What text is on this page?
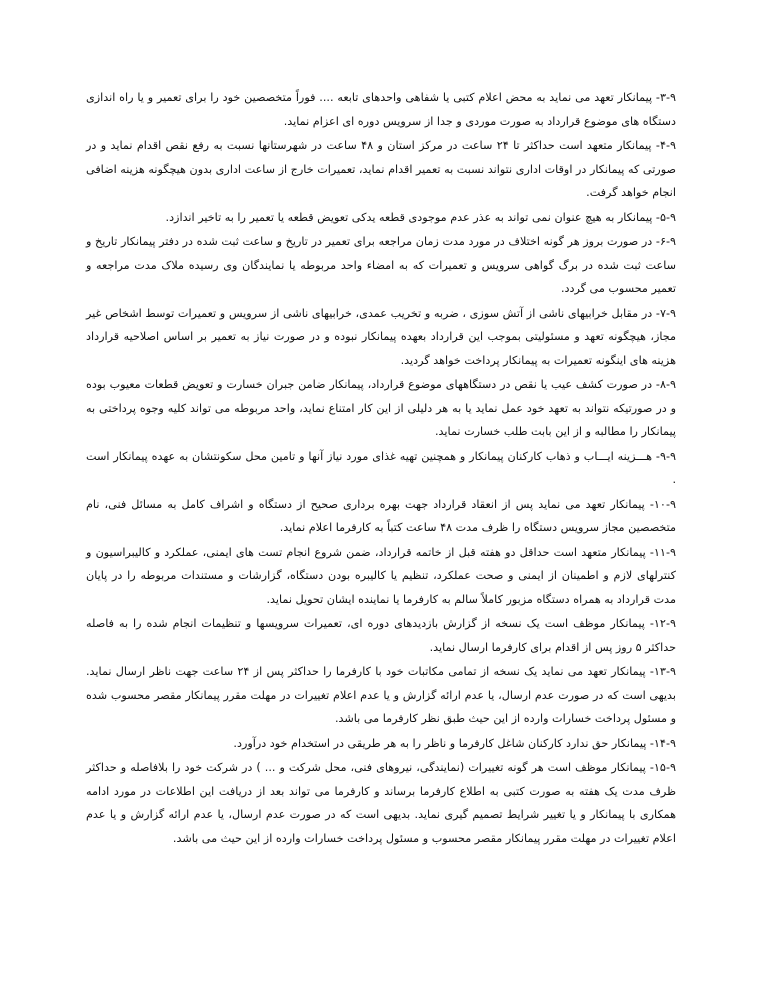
۳-۹- پیمانکار تعهد می نماید به محض اعلام کتبی یا شفاهی واحدهای تابعه .... فوراً متخصصین خود را برای تعمیر و یا راه اندازی دستگاه های موضوع قرارداد به صورت موردی و جدا از سرویس دوره ای اعزام نماید.

۴-۹- پیمانکار متعهد است حداکثر تا ۲۴ ساعت در مرکز استان و ۴۸ ساعت در شهرستانها نسبت به رفع نقص اقدام نماید و در صورتی که پیمانکار در اوقات اداری نتواند نسبت به تعمیر اقدام نماید، تعمیرات خارج از ساعت اداری بدون هیچگونه هزینه اضافی انجام خواهد گرفت.

۵-۹- پیمانکار به هیچ عنوان نمی تواند به عذر عدم موجودی قطعه یدکی تعویض قطعه یا تعمیر را به تاخیر اندازد.

۶-۹- در صورت بروز هر گونه اختلاف در مورد مدت زمان مراجعه برای تعمیر در تاریخ و ساعت ثبت شده در دفتر پیمانکار تاریخ و ساعت ثبت شده در برگ گواهی سرویس و تعمیرات که به امضاء واحد مربوطه یا نمایندگان وی رسیده ملاک مدت مراجعه و تعمیر محسوب می گردد.

۷-۹- در مقابل خرابیهای ناشی از آتش سوزی ، ضربه و تخریب عمدی، خرابیهای ناشی از سرویس و تعمیرات توسط اشخاص غیر مجاز، هیچگونه تعهد و مسئولیتی بموجب این قرارداد بعهده پیمانکار نبوده و در صورت نیاز به تعمیر بر اساس اصلاحیه قرارداد هزینه های اینگونه تعمیرات به پیمانکار پرداخت خواهد گردید.

۸-۹- در صورت کشف عیب یا نقص در دستگاههای موضوع قرارداد، پیمانکار ضامن جبران خسارت و تعویض قطعات معیوب بوده و در صورتیکه نتواند به تعهد خود عمل نماید یا به هر دلیلی از این کار امتناع نماید، واحد مربوطه می تواند کلیه وجوه پرداختی به پیمانکار را مطالبه و از این بابت طلب خسارت نماید.

۹-۹- هـــزینه ایـــاب و ذهاب کارکنان پیمانکار و همچنین تهیه غذای مورد نیاز آنها و تامین محل سکونتشان به عهده پیمانکار است .

۱۰-۹- پیمانکار تعهد می نماید پس از انعقاد قرارداد جهت بهره برداری صحیح از دستگاه و اشراف کامل به مسائل فنی، نام متخصصین مجاز سرویس دستگاه را ظرف مدت ۴۸ ساعت کتباً به کارفرما اعلام نماید.

۱۱-۹- پیمانکار متعهد است حداقل دو هفته قبل از خاتمه قرارداد، ضمن شروع انجام تست های ایمنی، عملکرد و کالیبراسیون و کنترلهای لازم و اطمینان از ایمنی و صحت عملکرد، تنظیم یا کالیبره بودن دستگاه، گزارشات و مستندات مربوطه را در پایان مدت قرارداد به همراه دستگاه مزبور کاملاً سالم به کارفرما یا نماینده ایشان تحویل نماید.

۱۲-۹- پیمانکار موظف است یک نسخه از گزارش بازدیدهای دوره ای، تعمیرات سرویسها و تنظیمات انجام شده را به فاصله حداکثر ۵ روز پس از اقدام برای کارفرما ارسال نماید.

۱۳-۹- پیمانکار تعهد می نماید یک نسخه از تمامی مکاتبات خود با کارفرما را حداکثر پس از ۲۴ ساعت جهت ناظر ارسال نماید. بدیهی است که در صورت عدم ارسال، یا عدم ارائه گزارش و یا عدم اعلام تغییرات در مهلت مقرر پیمانکار مقصر محسوب شده و مسئول پرداخت خسارات وارده از این حیث طبق نظر کارفرما می باشد.

۱۴-۹- پیمانکار حق ندارد کارکنان شاغل کارفرما و ناظر را به هر طریقی در استخدام خود درآورد.

۱۵-۹- پیمانکار موظف است هر گونه تغییرات (نمایندگی، نیروهای فنی، محل شرکت و ... ) در شرکت خود را بلافاصله و حداکثر ظرف مدت یک هفته به صورت کتبی به اطلاع کارفرما برساند و کارفرما می تواند بعد از دریافت این اطلاعات در مورد ادامه همکاری با پیمانکار و یا تغییر شرایط تصمیم گیری نماید. بدیهی است که در صورت عدم ارسال، یا عدم ارائه گزارش و یا عدم اعلام تغییرات در مهلت مقرر پیمانکار مقصر محسوب و مسئول پرداخت خسارات وارده از این حیث می باشد.
